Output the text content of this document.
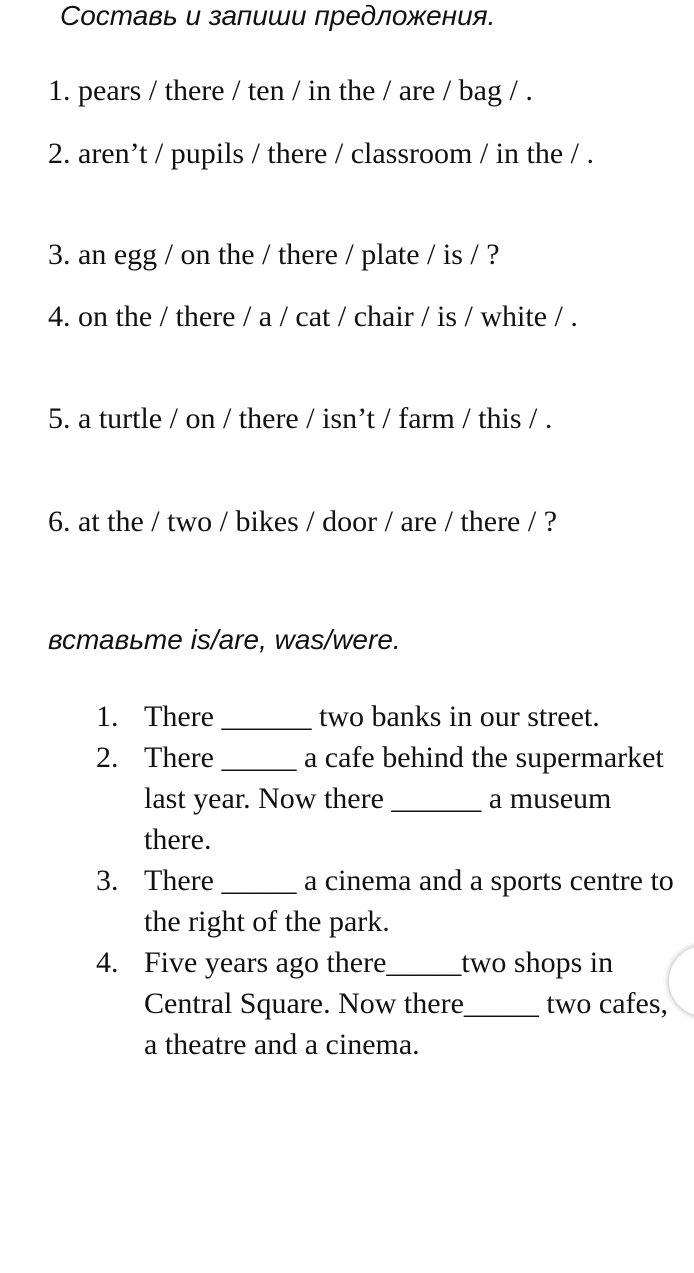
Составь и запиши предложения.

1. pears / there / ten / in the / are / bag / .

2. aren’t / pupils / there / classroom / in the / .

3. an egg / on the / there / plate / is / ?

4. on the / there / a / cat / chair / is / white / .

5. a turtle / on / there / isn’t / farm / this / .

6. at the / two / bikes / door / are / there / ?

вставьте is/are, was/were.

1. There ______ two banks in our street.
2. There _____ a cafe behind the supermarket last year. Now there ______ a museum there.
3. There _____ a cinema and a sports centre to the right of the park.
4. Five years ago there_____two shops in Central Square. Now there_____ two cafes, a theatre and a cinema.
